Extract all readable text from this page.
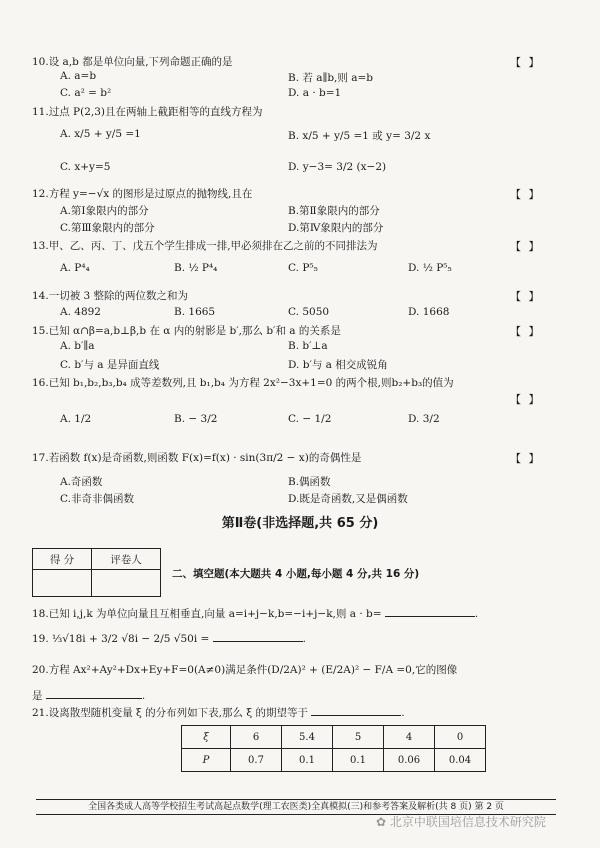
10.设 a,b 都是单位向量,下列命题正确的是	【 】
A. a=b	B. 若 a∥b,则 a=b
C. a² = b²	D. a · b=1
11.过点 P(2,3)且在两轴上截距相等的直线方程为
A. x/5 + y/5 =1	B. x/5 + y/5 =1 或 y= 3/2 x
C. x+y=5	D. y−3= 3/2 (x−2)
12.方程 y=−√x 的图形是过原点的抛物线,且在	【 】
A.第Ⅰ象限内的部分	B.第Ⅱ象限内的部分
C.第Ⅲ象限内的部分	D.第Ⅳ象限内的部分
13.甲、乙、丙、丁、戊五个学生排成一排,甲必须排在乙之前的不同排法为	【 】
A. P⁴₄	B. ½ P⁴₄	C. P⁵₅	D. ½ P⁵₅
14.一切被 3 整除的两位数之和为	【 】
A. 4892	B. 1665	C. 5050	D. 1668
15.已知 α∩β=a,b⊥β,b 在 α 内的射影是 b′,那么 b′和 a 的关系是	【 】
A. b′∥a	B. b′⊥a
C. b′与 a 是异面直线	D. b′与 a 相交成锐角
16.已知 b₁,b₂,b₃,b₄ 成等差数列,且 b₁,b₄ 为方程 2x²−3x+1=0 的两个根,则b₂+b₃的值为
【 】
A. 1/2	B. − 3/2	C. − 1/2	D. 3/2
17.若函数 f(x)是奇函数,则函数 F(x)=f(x) · sin(3π/2 − x)的奇偶性是	【 】
A.奇函数	B.偶函数
C.非奇非偶函数	D.既是奇函数,又是偶函数
第Ⅱ卷(非选择题,共 65 分)
得 分	评卷人

二、填空题(本大题共 4 小题,每小题 4 分,共 16 分)
18.已知 i,j,k 为单位向量且互相垂直,向量 a=i+j−k,b=−i+j−k,则 a · b=	.
19. ⅓√18i + 3/2 √8i − 2/5 √50i =	.
20.方程 Ax²+Ay²+Dx+Ey+F=0(A≠0)满足条件(D/2A)² + (E/2A)² − F/A =0,它的图像
是	.
21.设离散型随机变量 ξ 的分布列如下表,那么 ξ 的期望等于	.
ξ	6	5.4	5	4	0
P	0.7	0.1	0.1	0.06	0.04
全国各类成人高等学校招生考试高起点数学(理工农医类)全真模拟(三)和参考答案及解析(共 8 页) 第 2 页
✿ 北京中联国培信息技术研究院
